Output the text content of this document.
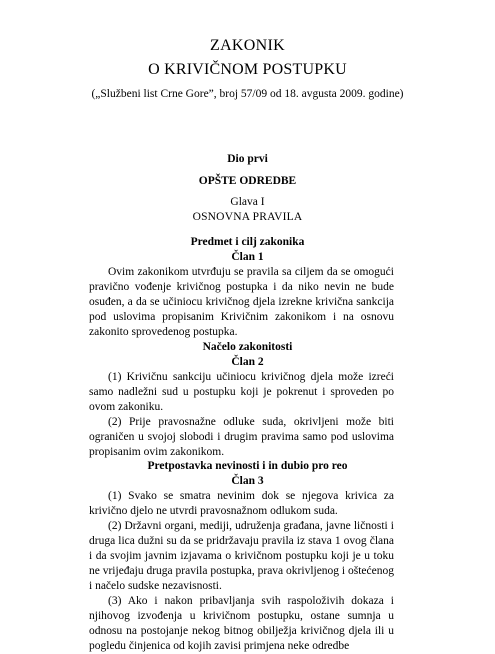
ZAKONIK
O KRIVIČNOM POSTUPKU
(„Službeni list Crne Gore”, broj 57/09 od 18. avgusta 2009. godine)
Dio prvi
OPŠTE ODREDBE
Glava I
OSNOVNA PRAVILA
Predmet i cilj zakonika
Član 1

Ovim zakonikom utvrđuju se pravila sa ciljem da se omogući pravično vođenje krivičnog postupka i da niko nevin ne bude osuđen, a da se učiniocu krivičnog djela izrekne krivična sankcija pod uslovima propisanim Krivičnim zakonikom i na osnovu zakonito sprovedenog postupka.

Načelo zakonitosti
Član 2

(1) Krivičnu sankciju učiniocu krivičnog djela može izreći samo nadležni sud u postupku koji je pokrenut i sproveden po ovom zakoniku.

(2) Prije pravosnažne odluke suda, okrivljeni može biti ograničen u svojoj slobodi i drugim pravima samo pod uslovima propisanim ovim zakonikom.

Pretpostavka nevinosti i in dubio pro reo
Član 3

(1) Svako se smatra nevinim dok se njegova krivica za krivično djelo ne utvrdi pravosnažnom odlukom suda.

(2) Državni organi, mediji, udruženja građana, javne ličnosti i druga lica dužni su da se pridržavaju pravila iz stava 1 ovog člana i da svojim javnim izjavama o krivičnom postupku koji je u toku ne vrijeđaju druga pravila postupka, prava okrivljenog i oštećenog i načelo sudske nezavisnosti.

(3) Ako i nakon pribavljanja svih raspoloživih dokaza i njihovog izvođenja u krivičnom postupku, ostane sumnja u odnosu na postojanje nekog bitnog obilježja krivičnog djela ili u pogledu činjenica od kojih zavisi primjena neke odredbe
